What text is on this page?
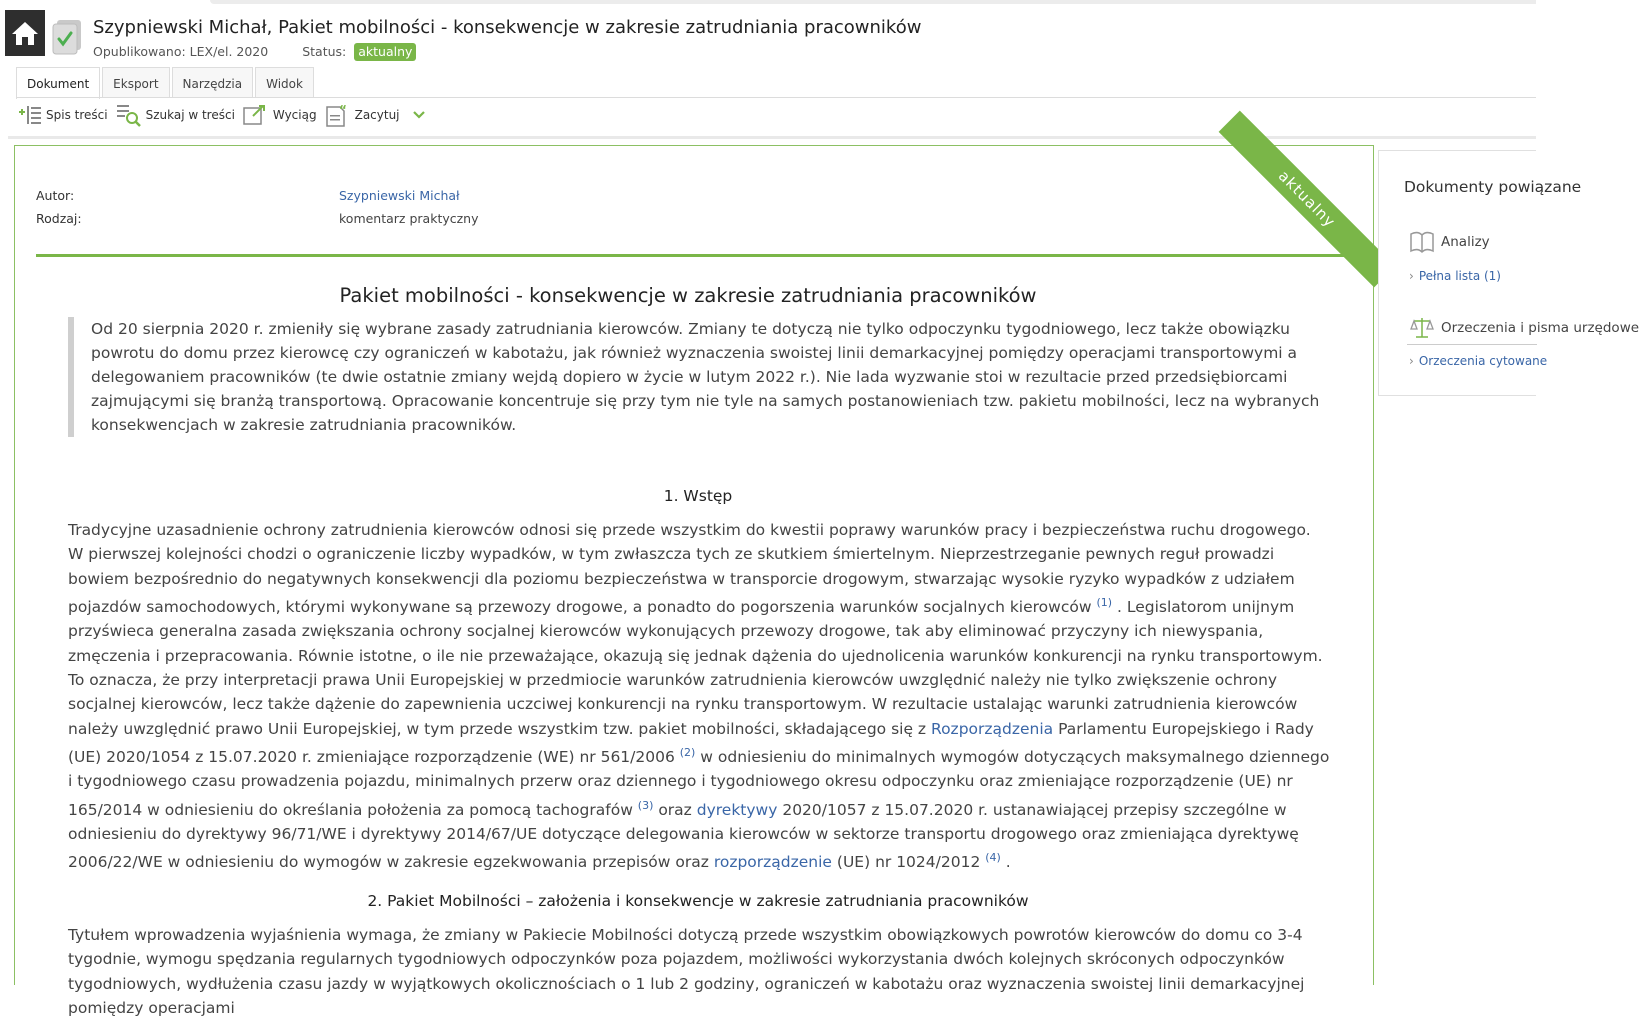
Szypniewski Michał, Pakiet mobilności - konsekwencje w zakresie zatrudniania pracowników
Opublikowano: LEX/el. 2020	Status: aktualny
Dokument	Eksport	Narzędzia	Widok
Spis treści	Szukaj w treści	Wyciąg “ Zacytuj
aktualny
Autor:	Szypniewski Michał
Rodzaj:	komentarz praktyczny
Pakiet mobilności - konsekwencje w zakresie zatrudniania pracowników
Od 20 sierpnia 2020 r. zmieniły się wybrane zasady zatrudniania kierowców. Zmiany te dotyczą nie tylko odpoczynku tygodniowego, lecz także obowiązku powrotu do domu przez kierowcę czy ograniczeń w kabotażu, jak również wyznaczenia swoistej linii demarkacyjnej pomiędzy operacjami transportowymi a delegowaniem pracowników (te dwie ostatnie zmiany wejdą dopiero w życie w lutym 2022 r.). Nie lada wyzwanie stoi w rezultacie przed przedsiębiorcami zajmującymi się branżą transportową. Opracowanie koncentruje się przy tym nie tyle na samych postanowieniach tzw. pakietu mobilności, lecz na wybranych konsekwencjach w zakresie zatrudniania pracowników.
1. Wstęp
Tradycyjne uzasadnienie ochrony zatrudnienia kierowców odnosi się przede wszystkim do kwestii poprawy warunków pracy i bezpieczeństwa ruchu drogowego. W pierwszej kolejności chodzi o ograniczenie liczby wypadków, w tym zwłaszcza tych ze skutkiem śmiertelnym. Nieprzestrzeganie pewnych reguł prowadzi bowiem bezpośrednio do negatywnych konsekwencji dla poziomu bezpieczeństwa w transporcie drogowym, stwarzając wysokie ryzyko wypadków z udziałem pojazdów samochodowych, którymi wykonywane są przewozy drogowe, a ponadto do pogorszenia warunków socjalnych kierowców $^{(1)}$ . Legislatorom unijnym przyświeca generalna zasada zwiększania ochrony socjalnej kierowców wykonujących przewozy drogowe, tak aby eliminować przyczyny ich niewyspania, zmęczenia i przepracowania. Równie istotne, o ile nie przeważające, okazują się jednak dążenia do ujednolicenia warunków konkurencji na rynku transportowym. To oznacza, że przy interpretacji prawa Unii Europejskiej w przedmiocie warunków zatrudnienia kierowców uwzględnić należy nie tylko zwiększenie ochrony socjalnej kierowców, lecz także dążenie do zapewnienia uczciwej konkurencji na rynku transportowym. W rezultacie ustalając warunki zatrudnienia kierowców należy uwzględnić prawo Unii Europejskiej, w tym przede wszystkim tzw. pakiet mobilności, składającego się z Rozporządzenia Parlamentu Europejskiego i Rady (UE) 2020/1054 z 15.07.2020 r. zmieniające rozporządzenie (WE) nr 561/2006 $^{(2)}$ w odniesieniu do minimalnych wymogów dotyczących maksymalnego dziennego i tygodniowego czasu prowadzenia pojazdu, minimalnych przerw oraz dziennego i tygodniowego okresu odpoczynku oraz zmieniające rozporządzenie (UE) nr 165/2014 w odniesieniu do określania położenia za pomocą tachografów $^{(3)}$ oraz dyrektywy 2020/1057 z 15.07.2020 r. ustanawiającej przepisy szczególne w odniesieniu do dyrektywy 96/71/WE i dyrektywy 2014/67/UE dotyczące delegowania kierowców w sektorze transportu drogowego oraz zmieniająca dyrektywę 2006/22/WE w odniesieniu do wymogów w zakresie egzekwowania przepisów oraz rozporządzenie (UE) nr 1024/2012 $^{(4)}$ .
2. Pakiet Mobilności – założenia i konsekwencje w zakresie zatrudniania pracowników
Tytułem wprowadzenia wyjaśnienia wymaga, że zmiany w Pakiecie Mobilności dotyczą przede wszystkim obowiązkowych powrotów kierowców do domu co 3-4 tygodnie, wymogu spędzania regularnych tygodniowych odpoczynków poza pojazdem, możliwości wykorzystania dwóch kolejnych skróconych odpoczynków tygodniowych, wydłużenia czasu jazdy w wyjątkowych okolicznościach o 1 lub 2 godziny, ograniczeń w kabotażu oraz wyznaczenia swoistej linii demarkacyjnej pomiędzy operacjami
Dokumenty powiązane
Analizy
› Pełna lista (1)
Orzeczenia i pisma urzędowe
› Orzeczenia cytowane
